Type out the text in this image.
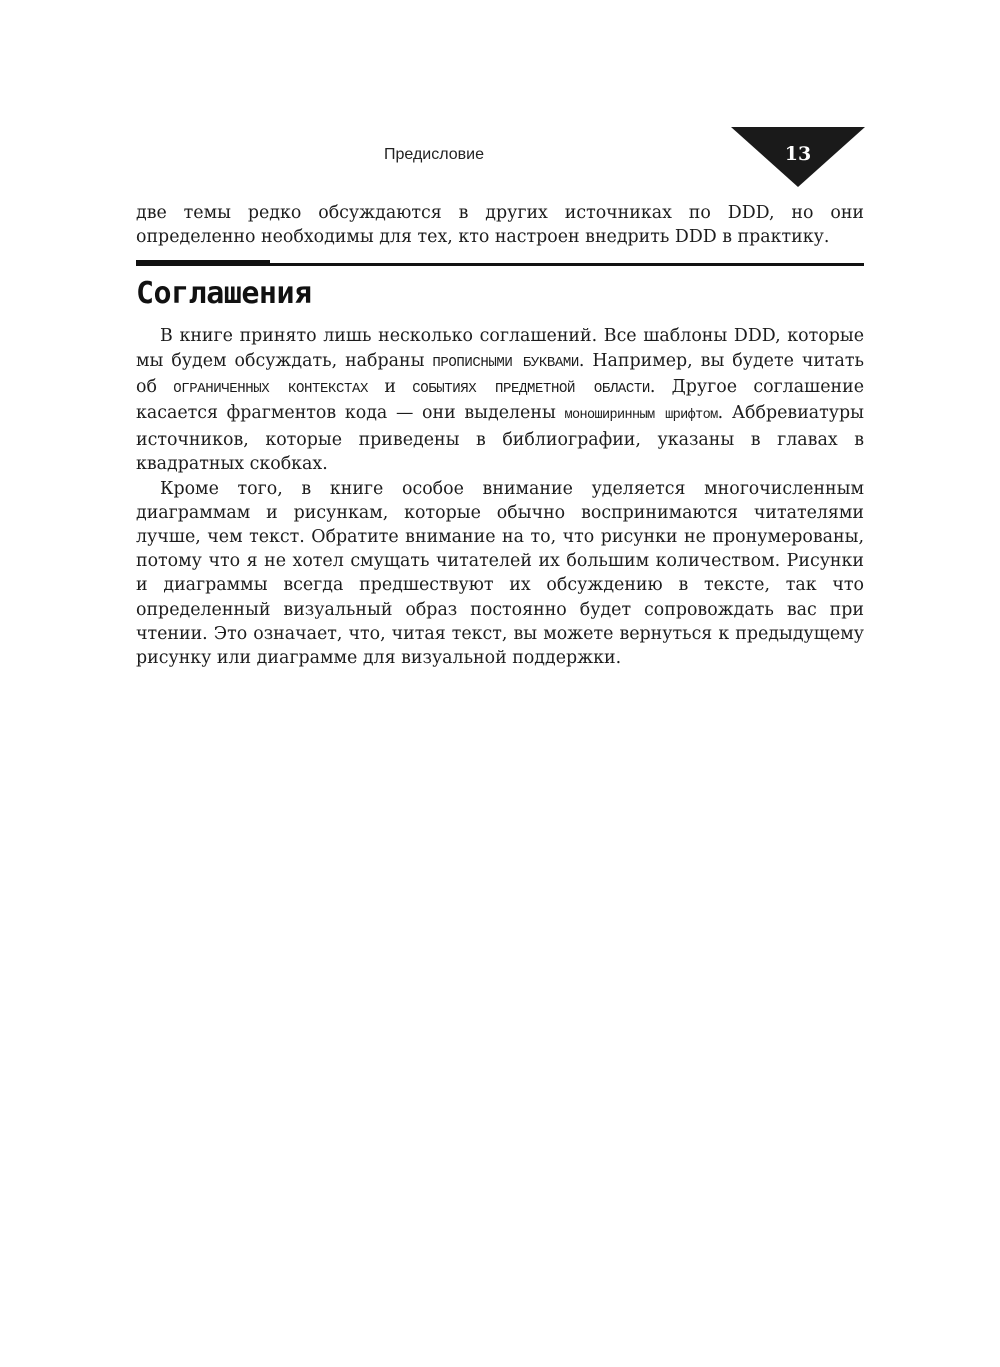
Предисловие	13

две темы редко обсуждаются в других источниках по DDD, но они определенно необходимы для тех, кто настроен внедрить DDD в практику.

Соглашения

В книге принято лишь несколько соглашений. Все шаблоны DDD, которые мы будем обсуждать, набраны ПРОПИСНЫМИ БУКВАМИ. Например, вы будете читать об ОГРАНИЧЕННЫХ КОНТЕКСТАХ и СОБЫТИЯХ ПРЕДМЕТНОЙ ОБЛАСТИ. Другое соглашение касается фрагментов кода — они выделены моноширинным шрифтом. Аббревиатуры источников, которые приведены в библиографии, указаны в главах в квадратных скобках.

Кроме того, в книге особое внимание уделяется многочисленным диаграммам и рисункам, которые обычно воспринимаются читателями лучше, чем текст. Обратите внимание на то, что рисунки не пронумерованы, потому что я не хотел смущать читателей их большим количеством. Рисунки и диаграммы всегда предшествуют их обсуждению в тексте, так что определенный визуальный образ постоянно будет сопровождать вас при чтении. Это означает, что, читая текст, вы можете вернуться к предыдущему рисунку или диаграмме для визуальной поддержки.
